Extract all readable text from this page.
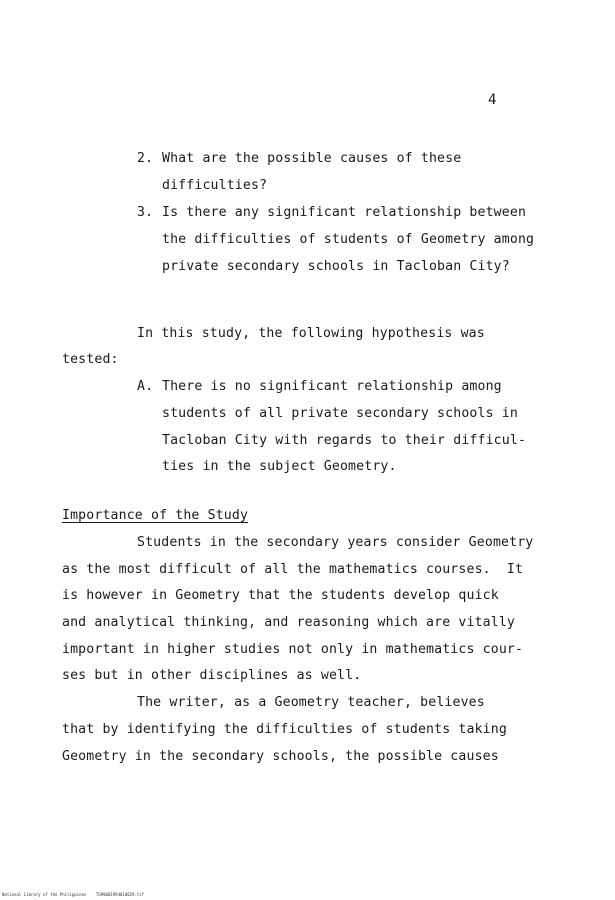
4
2. What are the possible causes of these
difficulties?
3. Is there any significant relationship between
the difficulties of students of Geometry among
private secondary schools in Tacloban City?
In this study, the following hypothesis was
tested:
A. There is no significant relationship among
students of all private secondary schools in
Tacloban City with regards to their difficul-
ties in the subject Geometry.
Importance of the Study
Students in the secondary years consider Geometry
as the most difficult of all the mathematics courses.  It
is however in Geometry that the students develop quick
and analytical thinking, and reasoning which are vitally
important in higher studies not only in mathematics cour-
ses but in other disciplines as well.
The writer, as a Geometry teacher, believes
that by identifying the difficulties of students taking
Geometry in the secondary schools, the possible causes
National Library of the Philippines    TGP0001994010029.tif
